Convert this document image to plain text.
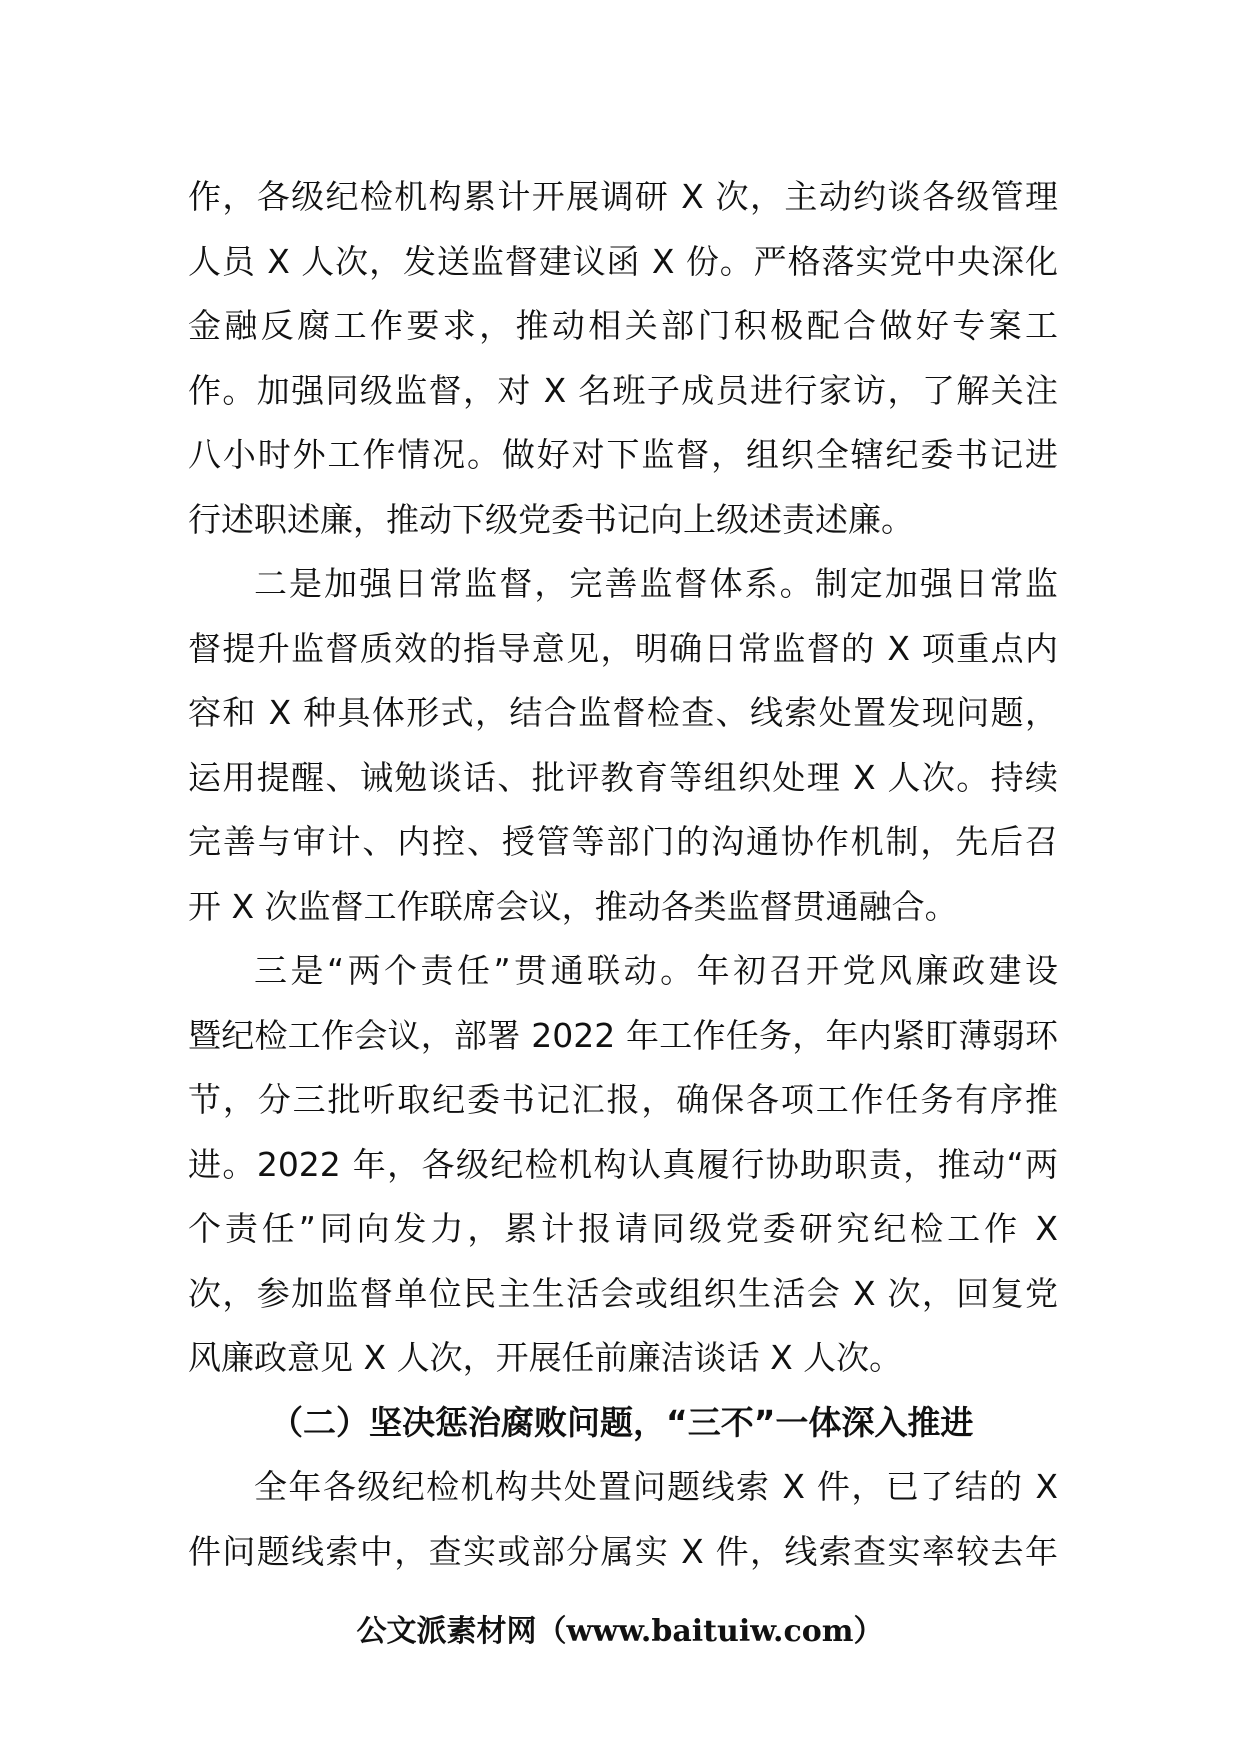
作，各级纪检机构累计开展调研 X 次，主动约谈各级管理
人员 X 人次，发送监督建议函 X 份。严格落实党中央深化
金融反腐工作要求，推动相关部门积极配合做好专案工
作。加强同级监督，对 X 名班子成员进行家访，了解关注
八小时外工作情况。做好对下监督，组织全辖纪委书记进
行述职述廉，推动下级党委书记向上级述责述廉。
二是加强日常监督，完善监督体系。制定加强日常监
督提升监督质效的指导意见，明确日常监督的 X 项重点内
容和 X 种具体形式，结合监督检查、线索处置发现问题，
运用提醒、诫勉谈话、批评教育等组织处理 X 人次。持续
完善与审计、内控、授管等部门的沟通协作机制，先后召
开 X 次监督工作联席会议，推动各类监督贯通融合。
三是“两个责任”贯通联动。年初召开党风廉政建设
暨纪检工作会议，部署 2022 年工作任务，年内紧盯薄弱环
节，分三批听取纪委书记汇报，确保各项工作任务有序推
进。2022 年，各级纪检机构认真履行协助职责，推动“两
个责任”同向发力，累计报请同级党委研究纪检工作 X
次，参加监督单位民主生活会或组织生活会 X 次，回复党
风廉政意见 X 人次，开展任前廉洁谈话 X 人次。
（二）坚决惩治腐败问题，“三不”一体深入推进
全年各级纪检机构共处置问题线索 X 件，已了结的 X
件问题线索中，查实或部分属实 X 件，线索查实率较去年
公文派素材网（www.baituiw.com）
